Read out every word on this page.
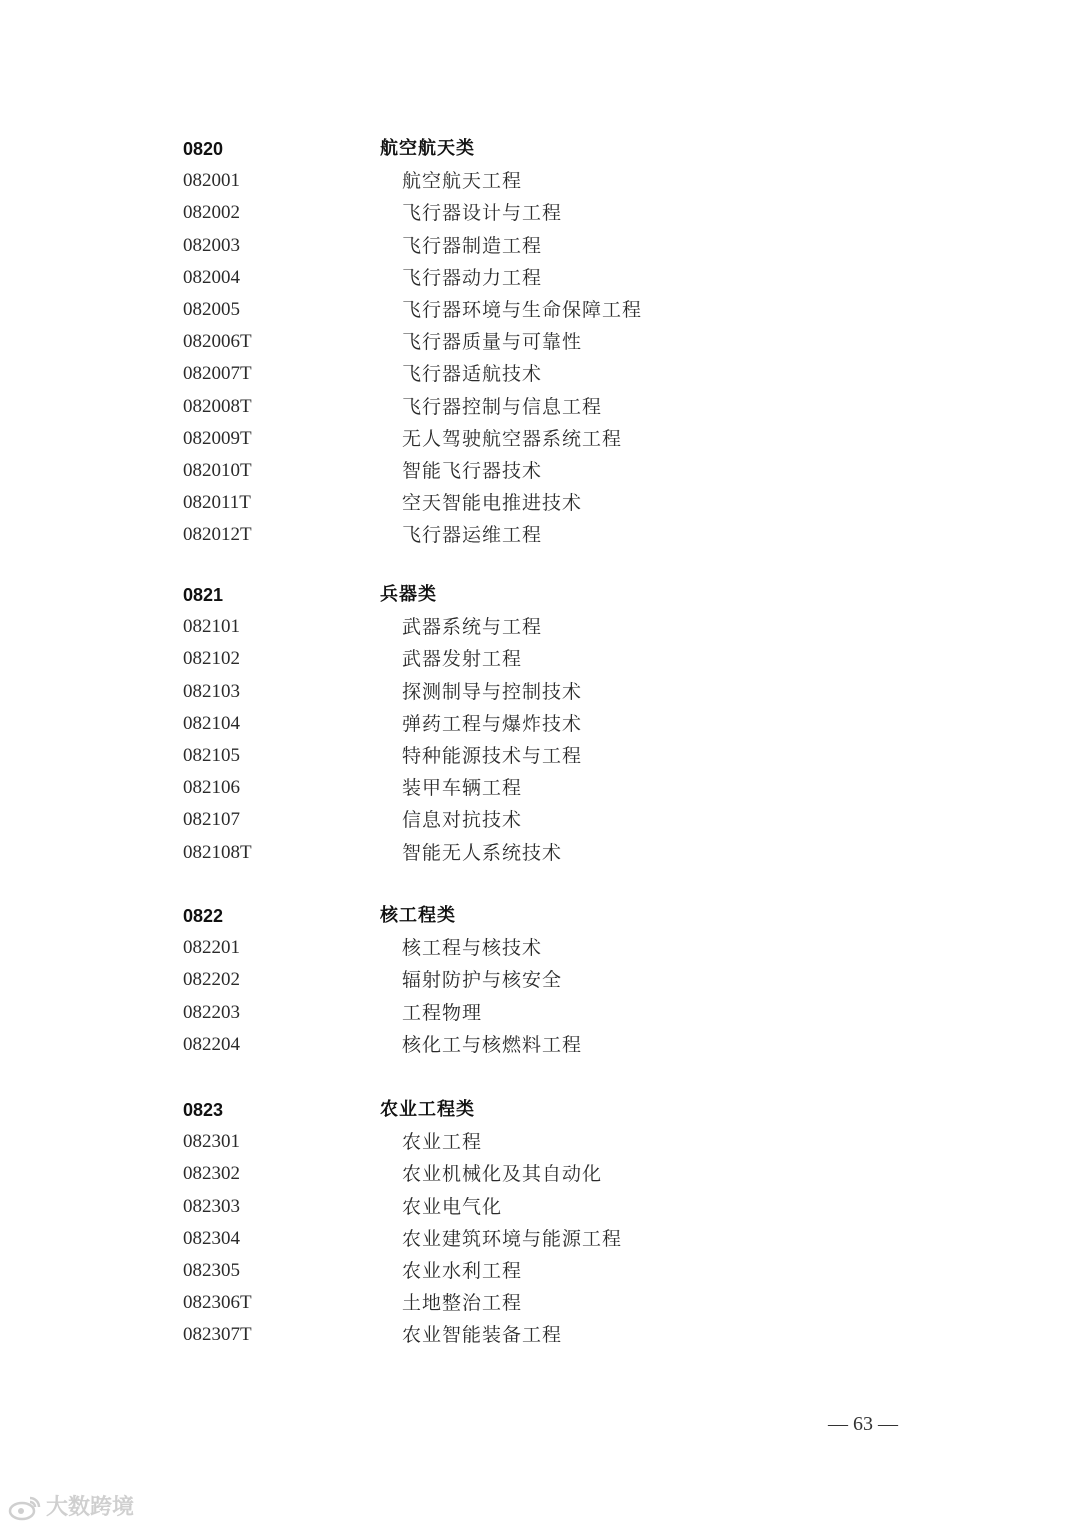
0820	航空航天类
082001	航空航天工程
082002	飞行器设计与工程
082003	飞行器制造工程
082004	飞行器动力工程
082005	飞行器环境与生命保障工程
082006T	飞行器质量与可靠性
082007T	飞行器适航技术
082008T	飞行器控制与信息工程
082009T	无人驾驶航空器系统工程
082010T	智能飞行器技术
082011T	空天智能电推进技术
082012T	飞行器运维工程
0821	兵器类
082101	武器系统与工程
082102	武器发射工程
082103	探测制导与控制技术
082104	弹药工程与爆炸技术
082105	特种能源技术与工程
082106	装甲车辆工程
082107	信息对抗技术
082108T	智能无人系统技术
0822	核工程类
082201	核工程与核技术
082202	辐射防护与核安全
082203	工程物理
082204	核化工与核燃料工程
0823	农业工程类
082301	农业工程
082302	农业机械化及其自动化
082303	农业电气化
082304	农业建筑环境与能源工程
082305	农业水利工程
082306T	土地整治工程
082307T	农业智能装备工程
— 63 —
大数跨境
